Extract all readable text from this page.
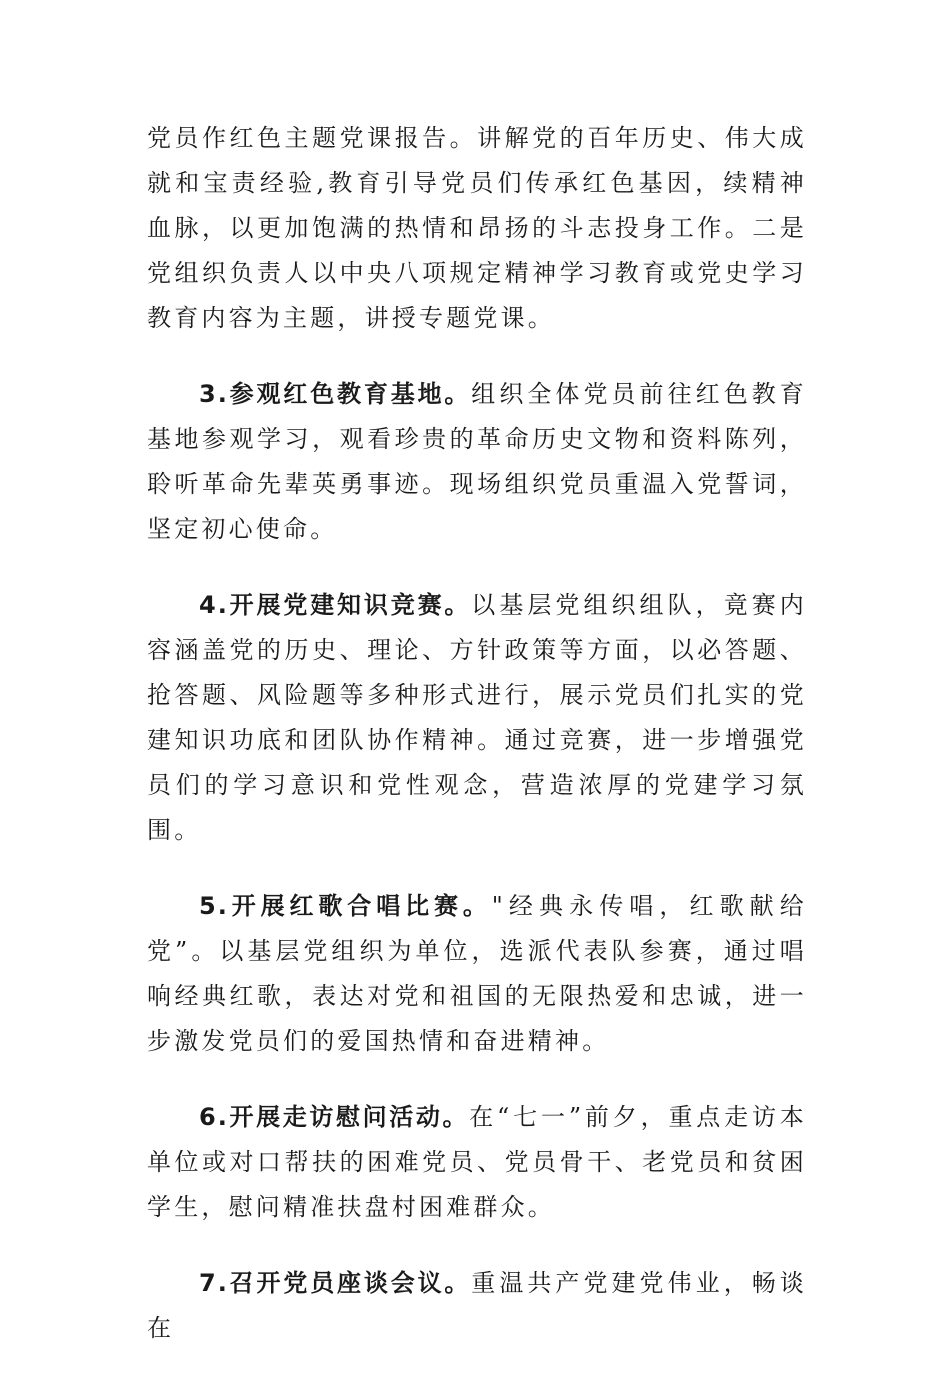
党员作红色主题党课报告。讲解党的百年历史、伟大成就和宝责经验,教育引导党员们传承红色基因，续精神血脉，以更加饱满的热情和昂扬的斗志投身工作。二是党组织负责人以中央八项规定精神学习教育或党史学习教育内容为主题，讲授专题党课。

3.参观红色教育基地。组织全体党员前往红色教育基地参观学习，观看珍贵的革命历史文物和资料陈列，聆听革命先辈英勇事迹。现场组织党员重温入党誓词，坚定初心使命。

4.开展党建知识竞赛。以基层党组织组队，竟赛内容涵盖党的历史、理论、方针政策等方面，以必答题、抢答题、风险题等多种形式进行，展示党员们扎实的党建知识功底和团队协作精神。通过竞赛，进一步增强党员们的学习意识和党性观念，营造浓厚的党建学习氛围。

5.开展红歌合唱比赛。"经典永传唱，红歌献给党”。以基层党组织为单位，选派代表队参赛，通过唱响经典红歌，表达对党和祖国的无限热爱和忠诚，进一步激发党员们的爱国热情和奋进精神。

6.开展走访慰问活动。在“七一”前夕，重点走访本单位或对口帮扶的困难党员、党员骨干、老党员和贫困学生，慰问精准扶盘村困难群众。

7.召开党员座谈会议。重温共产党建党伟业，畅谈在
